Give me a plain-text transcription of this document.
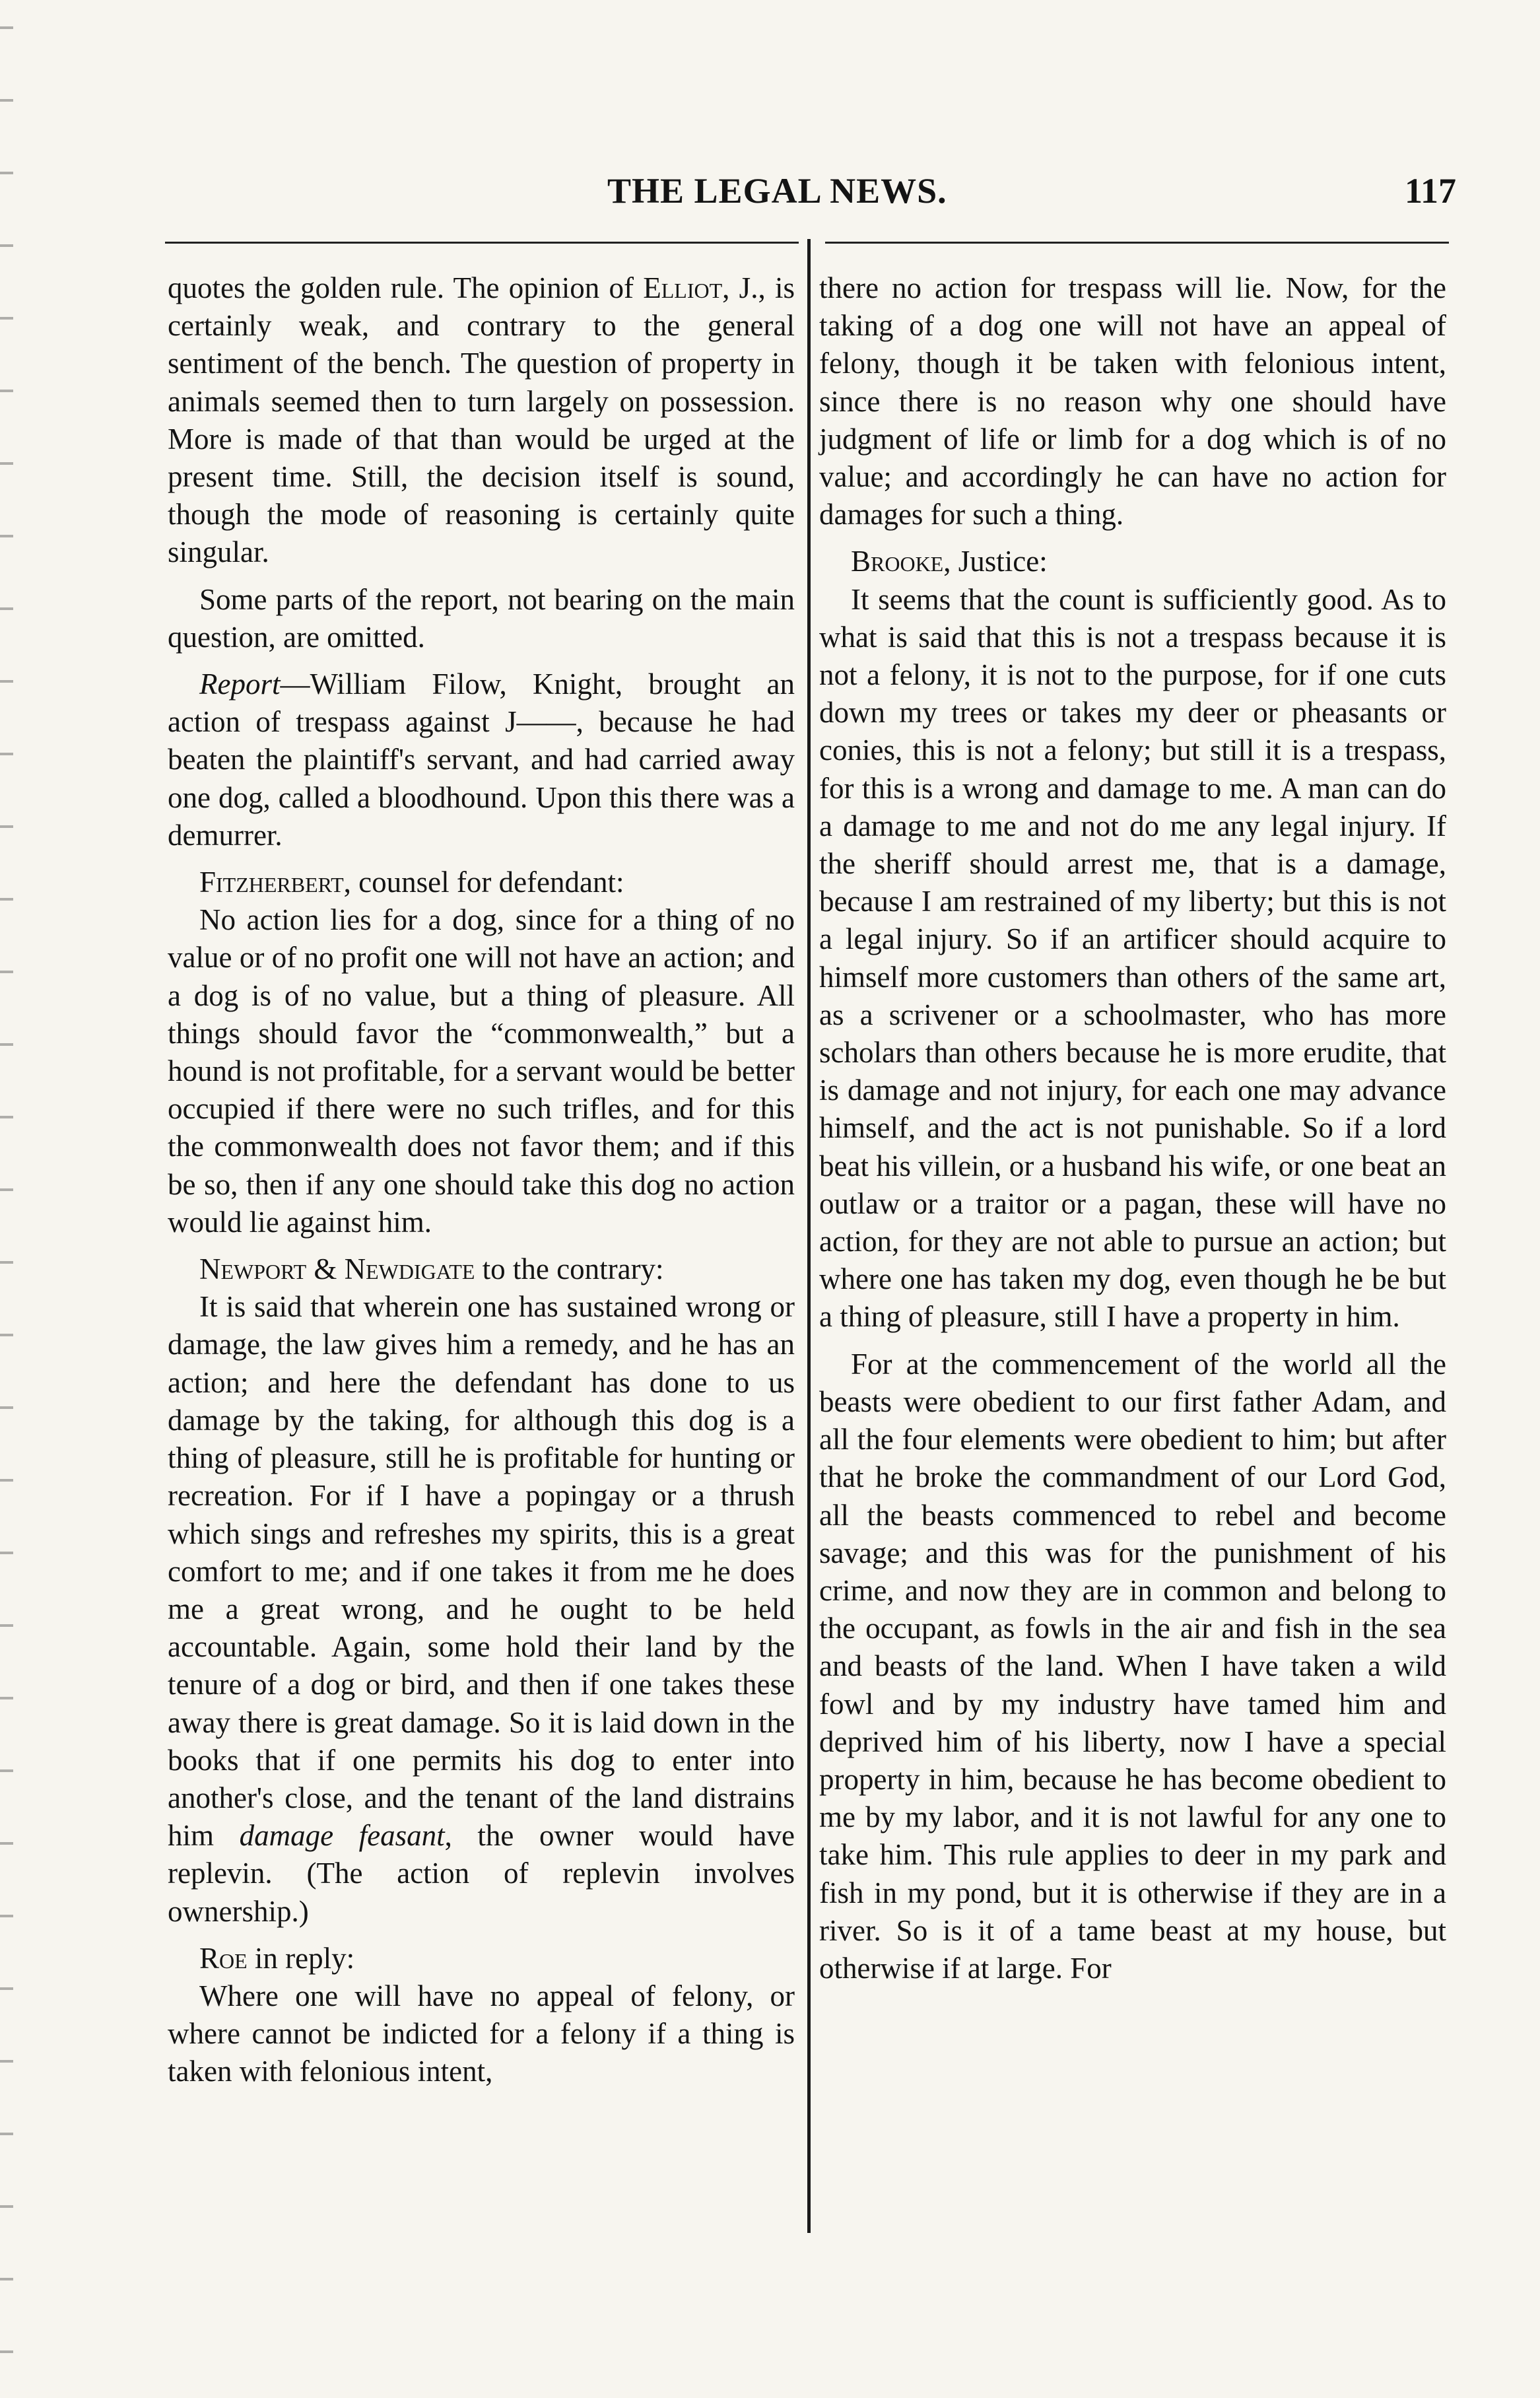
THE LEGAL NEWS.	117

quotes the golden rule. The opinion of Elliot, J., is certainly weak, and contrary to the general sentiment of the bench. The question of property in animals seemed then to turn largely on possession. More is made of that than would be urged at the present time. Still, the decision itself is sound, though the mode of reasoning is certainly quite singular.

Some parts of the report, not bearing on the main question, are omitted.

Report—William Filow, Knight, brought an action of trespass against J——, because he had beaten the plaintiff's servant, and had carried away one dog, called a bloodhound. Upon this there was a demurrer.

Fitzherbert, counsel for defendant:

No action lies for a dog, since for a thing of no value or of no profit one will not have an action; and a dog is of no value, but a thing of pleasure. All things should favor the “commonwealth,” but a hound is not profitable, for a servant would be better occupied if there were no such trifles, and for this the commonwealth does not favor them; and if this be so, then if any one should take this dog no action would lie against him.

Newport & Newdigate to the contrary:

It is said that wherein one has sustained wrong or damage, the law gives him a remedy, and he has an action; and here the defendant has done to us damage by the taking, for although this dog is a thing of pleasure, still he is profitable for hunting or recreation. For if I have a popingay or a thrush which sings and refreshes my spirits, this is a great comfort to me; and if one takes it from me he does me a great wrong, and he ought to be held accountable. Again, some hold their land by the tenure of a dog or bird, and then if one takes these away there is great damage. So it is laid down in the books that if one permits his dog to enter into another's close, and the tenant of the land distrains him damage feasant, the owner would have replevin. (The action of replevin involves ownership.)

Roe in reply:

Where one will have no appeal of felony, or where cannot be indicted for a felony if a thing is taken with felonious intent,

there no action for trespass will lie. Now, for the taking of a dog one will not have an appeal of felony, though it be taken with felonious intent, since there is no reason why one should have judgment of life or limb for a dog which is of no value; and accordingly he can have no action for damages for such a thing.

Brooke, Justice:

It seems that the count is sufficiently good. As to what is said that this is not a trespass because it is not a felony, it is not to the purpose, for if one cuts down my trees or takes my deer or pheasants or conies, this is not a felony; but still it is a trespass, for this is a wrong and damage to me. A man can do a damage to me and not do me any legal injury. If the sheriff should arrest me, that is a damage, because I am restrained of my liberty; but this is not a legal injury. So if an artificer should acquire to himself more customers than others of the same art, as a scrivener or a schoolmaster, who has more scholars than others because he is more erudite, that is damage and not injury, for each one may advance himself, and the act is not punishable. So if a lord beat his villein, or a husband his wife, or one beat an outlaw or a traitor or a pagan, these will have no action, for they are not able to pursue an action; but where one has taken my dog, even though he be but a thing of pleasure, still I have a property in him.

For at the commencement of the world all the beasts were obedient to our first father Adam, and all the four elements were obedient to him; but after that he broke the commandment of our Lord God, all the beasts commenced to rebel and become savage; and this was for the punishment of his crime, and now they are in common and belong to the occupant, as fowls in the air and fish in the sea and beasts of the land. When I have taken a wild fowl and by my industry have tamed him and deprived him of his liberty, now I have a special property in him, because he has become obedient to me by my labor, and it is not lawful for any one to take him. This rule applies to deer in my park and fish in my pond, but it is otherwise if they are in a river. So is it of a tame beast at my house, but otherwise if at large. For
